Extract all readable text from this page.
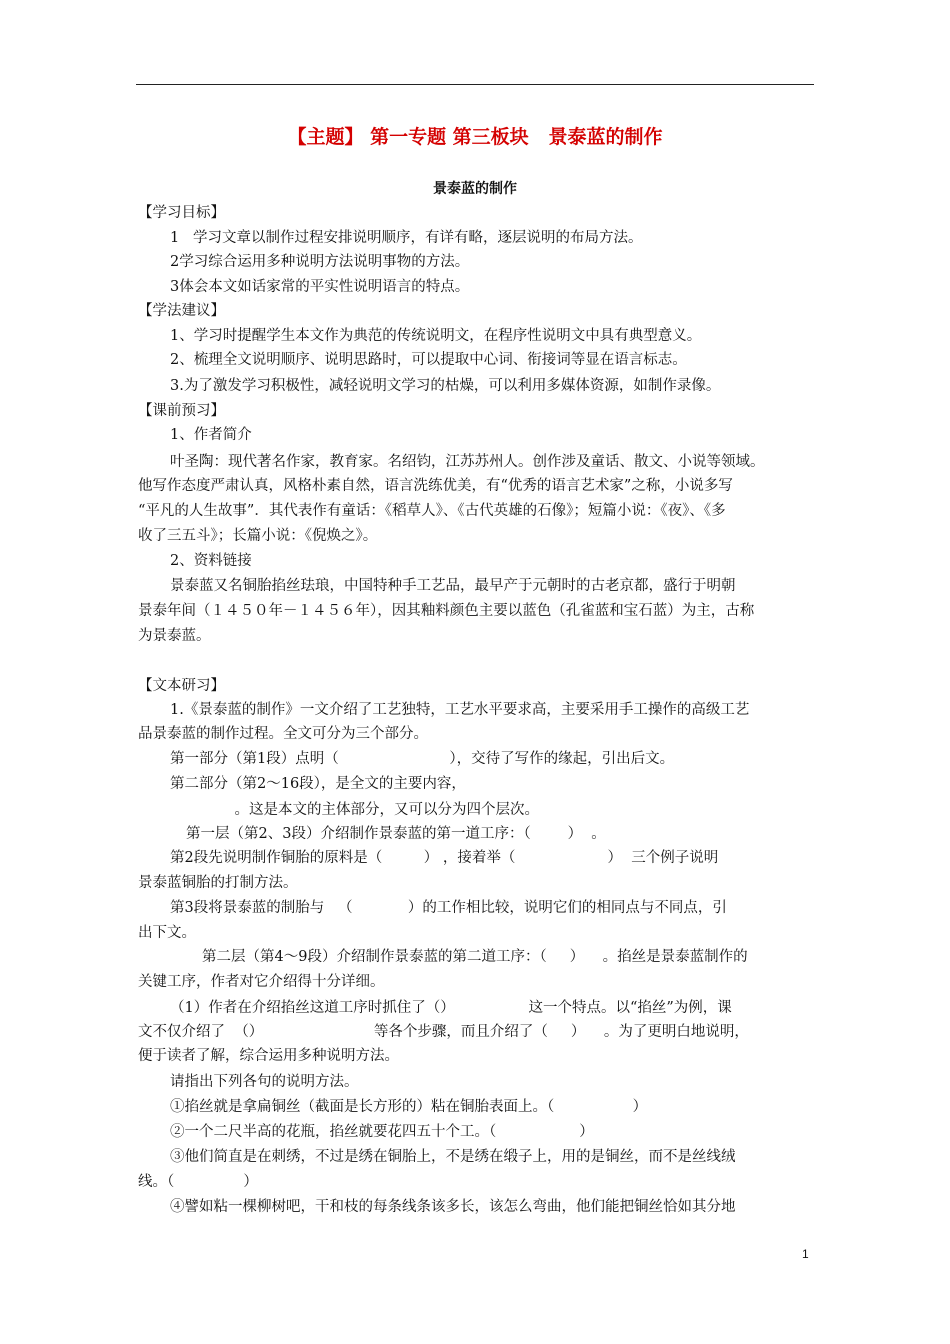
【主题】 第一专题 第三板块   景泰蓝的制作
景泰蓝的制作
【学习目标】
1   学习文章以制作过程安排说明顺序，有详有略，逐层说明的布局方法。
2学习综合运用多种说明方法说明事物的方法。
3体会本文如话家常的平实性说明语言的特点。
【学法建议】
1、学习时提醒学生本文作为典范的传统说明文，在程序性说明文中具有典型意义。
2、梳理全文说明顺序、说明思路时，可以提取中心词、衔接词等显在语言标志。
3.为了激发学习积极性，减轻说明文学习的枯燥，可以利用多媒体资源，如制作录像。
【课前预习】
1、作者简介
叶圣陶：现代著名作家，教育家。名绍钧，江苏苏州人。创作涉及童话、散文、小说等领域。
他写作态度严肃认真，风格朴素自然，语言洗练优美，有“优秀的语言艺术家”之称，小说多写
“平凡的人生故事”．其代表作有童话：《稻草人》、《古代英雄的石像》；短篇小说：《夜》、《多
收了三五斗》；长篇小说：《倪焕之》。
2、资料链接
景泰蓝又名铜胎掐丝珐琅，中国特种手工艺品，最早产于元朝时的古老京都，盛行于明朝
景泰年间（１４５０年－１４５６年），因其釉料颜色主要以蓝色（孔雀蓝和宝石蓝）为主，古称
为景泰蓝。
【文本研习】
1.《景泰蓝的制作》一文介绍了工艺独特，工艺水平要求高，主要采用手工操作的高级工艺
品景泰蓝的制作过程。全文可分为三个部分。
第一部分（第1段）点明（                        ），交待了写作的缘起，引出后文。
第二部分（第2～16段），是全文的主要内容，
。这是本文的主体部分，又可以分为四个层次。
第一层（第2、3段）介绍制作景泰蓝的第一道工序：（        ）  。
第2段先说明制作铜胎的原料是（         ） ，接着举（                    ）  三个例子说明
景泰蓝铜胎的打制方法。
第3段将景泰蓝的制胎与   （            ）的工作相比较，说明它们的相同点与不同点，引
出下文。
第二层（第4～9段）介绍制作景泰蓝的第二道工序：（     ）    。掐丝是景泰蓝制作的
关键工序，作者对它介绍得十分详细。
（1）作者在介绍掐丝这道工序时抓住了（）                这一个特点。以“掐丝”为例，课
文不仅介绍了  （）                        等各个步骤，而且介绍了（     ）    。为了更明白地说明，
便于读者了解，综合运用多种说明方法。
请指出下列各句的说明方法。
①掐丝就是拿扁铜丝（截面是长方形的）粘在铜胎表面上。（                 ）
②一个二尺半高的花瓶，掐丝就要花四五十个工。（                  ）
③他们简直是在刺绣，不过是绣在铜胎上，不是绣在缎子上，用的是铜丝，而不是丝线绒
线。（               ）
④譬如粘一棵柳树吧，干和枝的每条线条该多长，该怎么弯曲，他们能把铜丝恰如其分地
1
